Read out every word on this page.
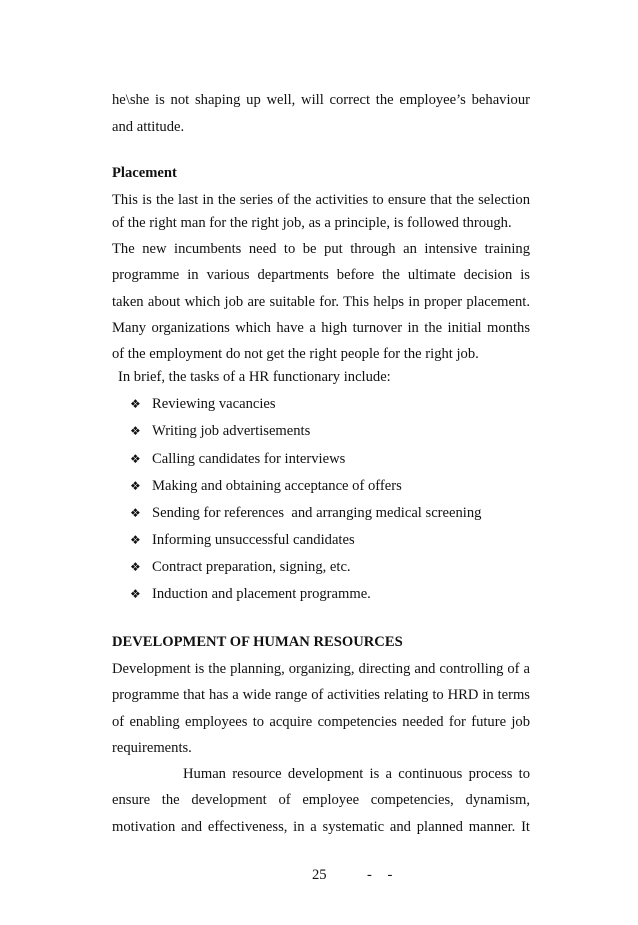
he\she is not shaping up well, will correct the employee’s behaviour
and attitude.
Placement
This is the last in the series of the activities to ensure that the selection
of the right man for the right job, as a principle, is followed through.
The new incumbents need to be put through an intensive training
programme in various departments before the ultimate decision is
taken about which job are suitable for. This helps in proper placement.
Many organizations which have a high turnover in the initial months
of the employment do not get the right people for the right job.
In brief, the tasks of a HR functionary include:
❖ Reviewing vacancies
❖ Writing job advertisements
❖ Calling candidates for interviews
❖ Making and obtaining acceptance of offers
❖ Sending for references  and arranging medical screening
❖ Informing unsuccessful candidates
❖ Contract preparation, signing, etc.
❖ Induction and placement programme.
DEVELOPMENT OF HUMAN RESOURCES
Development is the planning, organizing, directing and controlling of a
programme that has a wide range of activities relating to HRD in terms
of enabling employees to acquire competencies needed for future job
requirements.
Human resource development is a continuous process to
ensure the development of employee competencies, dynamism,
motivation and effectiveness, in a systematic and planned manner. It
25	- -
